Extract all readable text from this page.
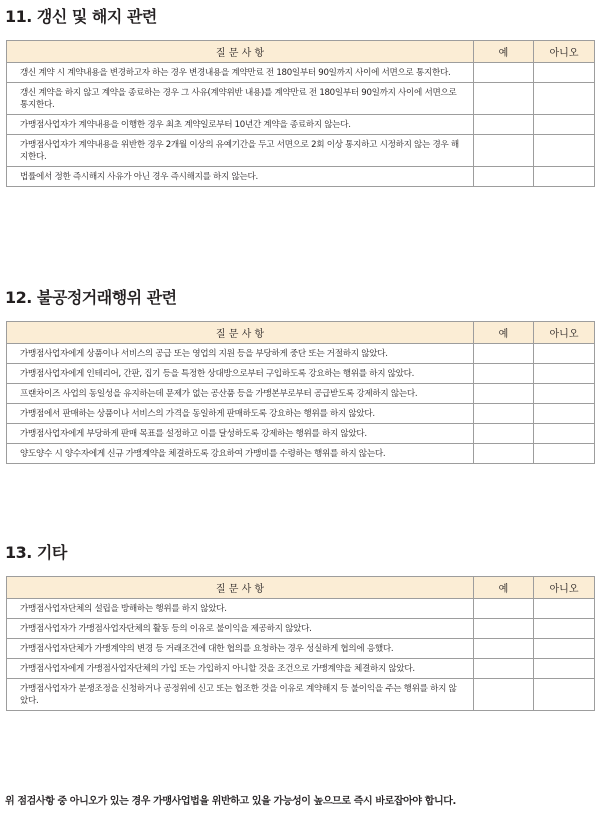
11. 갱신 및 해지 관련
질 문 사 항	예	아니오
갱신 계약 시 계약내용을 변경하고자 하는 경우 변경내용을 계약만료 전 180일부터 90일까지 사이에 서면으로 통지한다.		
갱신 계약을 하지 않고 계약을 종료하는 경우 그 사유(계약위반 내용)를 계약만료 전 180일부터 90일까지 사이에 서면으로 통지한다.		
가맹점사업자가 계약내용을 이행한 경우 최초 계약일로부터 10년간 계약을 종료하지 않는다.		
가맹점사업자가 계약내용을 위반한 경우 2개월 이상의 유예기간을 두고 서면으로 2회 이상 통지하고 시정하지 않는 경우 해지한다.		
법률에서 정한 즉시해지 사유가 아닌 경우 즉시해지를 하지 않는다.		
12. 불공정거래행위 관련
질 문 사 항	예	아니오
가맹점사업자에게 상품이나 서비스의 공급 또는 영업의 지원 등을 부당하게 중단 또는 거절하지 않았다.		
가맹점사업자에게 인테리어, 간판, 집기 등을 특정한 상대방으로부터 구입하도록 강요하는 행위를 하지 않았다.		
프랜차이즈 사업의 동일성을 유지하는데 문제가 없는 공산품 등을 가맹본부로부터 공급받도록 강제하지 않는다.		
가맹점에서 판매하는 상품이나 서비스의 가격을 동일하게 판매하도록 강요하는 행위를 하지 않았다.		
가맹점사업자에게 부당하게 판매 목표를 설정하고 이를 달성하도록 강제하는 행위를 하지 않았다.		
양도양수 시 양수자에게 신규 가맹계약을 체결하도록 강요하여 가맹비를 수령하는 행위를 하지 않는다.		
13. 기타
질 문 사 항	예	아니오
가맹점사업자단체의 설립을 방해하는 행위를 하지 않았다.		
가맹점사업자가 가맹점사업자단체의 활동 등의 이유로 불이익을 제공하지 않았다.		
가맹점사업자단체가 가맹계약의 변경 등 거래조건에 대한 협의를 요청하는 경우 성실하게 협의에 응했다.		
가맹점사업자에게 가맹점사업자단체의 가입 또는 가입하지 아니할 것을 조건으로 가맹계약을 체결하지 않았다.		
가맹점사업자가 분쟁조정을 신청하거나 공정위에 신고 또는 협조한 것을 이유로 계약해지 등 불이익을 주는 행위를 하지 않았다.		

위 점검사항 중 아니오가 있는 경우 가맹사업법을 위반하고 있을 가능성이 높으므로 즉시 바로잡아야 합니다.
